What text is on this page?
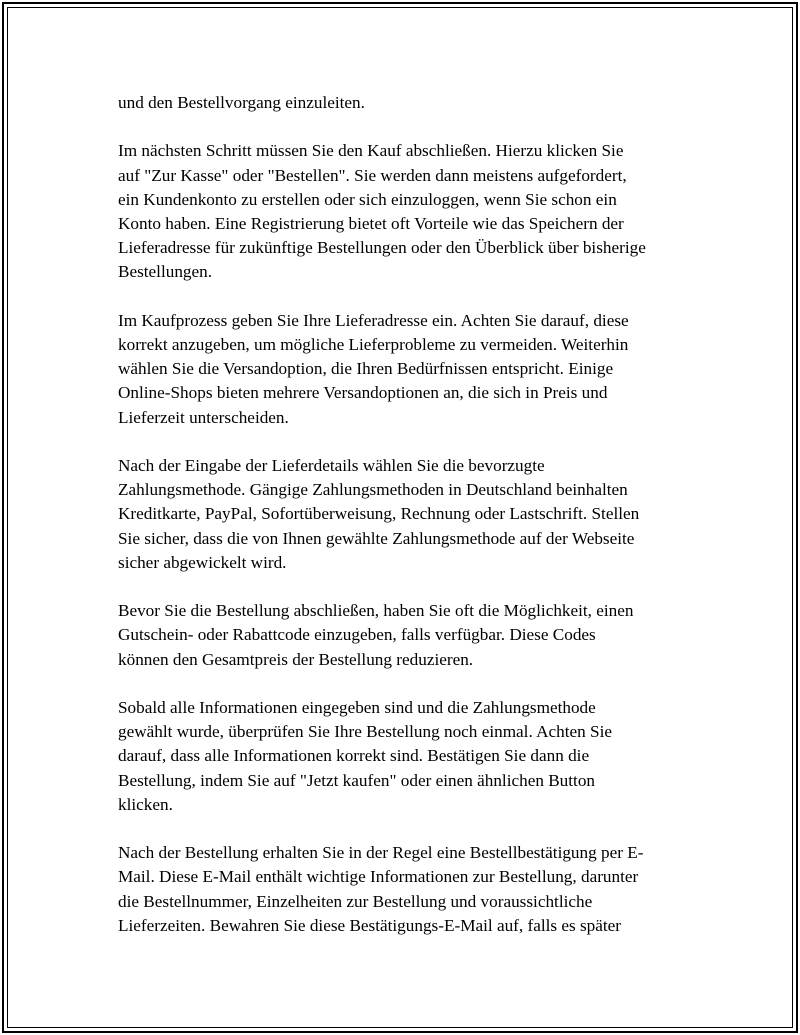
und den Bestellvorgang einzuleiten.

Im nächsten Schritt müssen Sie den Kauf abschließen. Hierzu klicken Sie
auf "Zur Kasse" oder "Bestellen". Sie werden dann meistens aufgefordert,
ein Kundenkonto zu erstellen oder sich einzuloggen, wenn Sie schon ein
Konto haben. Eine Registrierung bietet oft Vorteile wie das Speichern der
Lieferadresse für zukünftige Bestellungen oder den Überblick über bisherige
Bestellungen.

Im Kaufprozess geben Sie Ihre Lieferadresse ein. Achten Sie darauf, diese
korrekt anzugeben, um mögliche Lieferprobleme zu vermeiden. Weiterhin
wählen Sie die Versandoption, die Ihren Bedürfnissen entspricht. Einige
Online-Shops bieten mehrere Versandoptionen an, die sich in Preis und
Lieferzeit unterscheiden.

Nach der Eingabe der Lieferdetails wählen Sie die bevorzugte
Zahlungsmethode. Gängige Zahlungsmethoden in Deutschland beinhalten
Kreditkarte, PayPal, Sofortüberweisung, Rechnung oder Lastschrift. Stellen
Sie sicher, dass die von Ihnen gewählte Zahlungsmethode auf der Webseite
sicher abgewickelt wird.

Bevor Sie die Bestellung abschließen, haben Sie oft die Möglichkeit, einen
Gutschein- oder Rabattcode einzugeben, falls verfügbar. Diese Codes
können den Gesamtpreis der Bestellung reduzieren.

Sobald alle Informationen eingegeben sind und die Zahlungsmethode
gewählt wurde, überprüfen Sie Ihre Bestellung noch einmal. Achten Sie
darauf, dass alle Informationen korrekt sind. Bestätigen Sie dann die
Bestellung, indem Sie auf "Jetzt kaufen" oder einen ähnlichen Button
klicken.

Nach der Bestellung erhalten Sie in der Regel eine Bestellbestätigung per E-
Mail. Diese E-Mail enthält wichtige Informationen zur Bestellung, darunter
die Bestellnummer, Einzelheiten zur Bestellung und voraussichtliche
Lieferzeiten. Bewahren Sie diese Bestätigungs-E-Mail auf, falls es später
